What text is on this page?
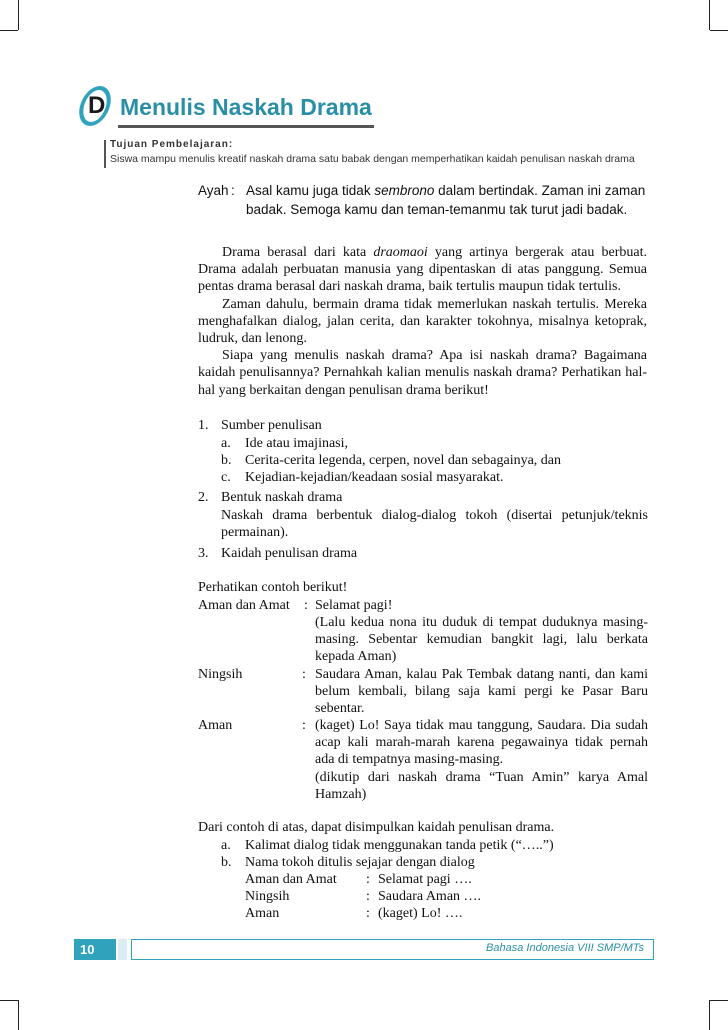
D Menulis Naskah Drama
Tujuan Pembelajaran:
Siswa mampu menulis kreatif naskah drama satu babak dengan memperhatikan kaidah penulisan naskah drama
Ayah : Asal kamu juga tidak sembrono dalam bertindak. Zaman ini zaman
badak. Semoga kamu dan teman-temanmu tak turut jadi badak.

Drama berasal dari kata draomaoi yang artinya bergerak atau berbuat. Drama adalah perbuatan manusia yang dipentaskan di atas panggung. Semua pentas drama berasal dari naskah drama, baik tertulis maupun tidak tertulis.

Zaman dahulu, bermain drama tidak memerlukan naskah tertulis. Mereka menghafalkan dialog, jalan cerita, dan karakter tokohnya, misalnya ketoprak, ludruk, dan lenong.

Siapa yang menulis naskah drama? Apa isi naskah drama? Bagaimana kaidah penulisannya? Pernahkah kalian menulis naskah drama? Perhatikan hal-hal yang berkaitan dengan penulisan drama berikut!

1. Sumber penulisan
a. Ide atau imajinasi,
b. Cerita-cerita legenda, cerpen, novel dan sebagainya, dan
c. Kejadian-kejadian/keadaan sosial masyarakat.
2. Bentuk naskah drama
Naskah drama berbentuk dialog-dialog tokoh (disertai petunjuk/teknis permainan).
3. Kaidah penulisan drama
Perhatikan contoh berikut!
Aman dan Amat : Selamat pagi!
(Lalu kedua nona itu duduk di tempat duduknya masing-masing. Sebentar kemudian bangkit lagi, lalu berkata kepada Aman)
Ningsih	: Saudara Aman, kalau Pak Tembak datang nanti, dan kami belum kembali, bilang saja kami pergi ke Pasar Baru sebentar.
Aman	: (kaget) Lo! Saya tidak mau tanggung, Saudara. Dia sudah acap kali marah-marah karena pegawainya tidak pernah ada di tempatnya masing-masing.
(dikutip dari naskah drama “Tuan Amin” karya Amal Hamzah)
Dari contoh di atas, dapat disimpulkan kaidah penulisan drama.
a. Kalimat dialog tidak menggunakan tanda petik (“…..”)
b. Nama tokoh ditulis sejajar dengan dialog
Aman dan Amat : Selamat pagi ….
Ningsih	: Saudara Aman ….
Aman	: (kaget) Lo! ….
10	Bahasa Indonesia VIII SMP/MTs
